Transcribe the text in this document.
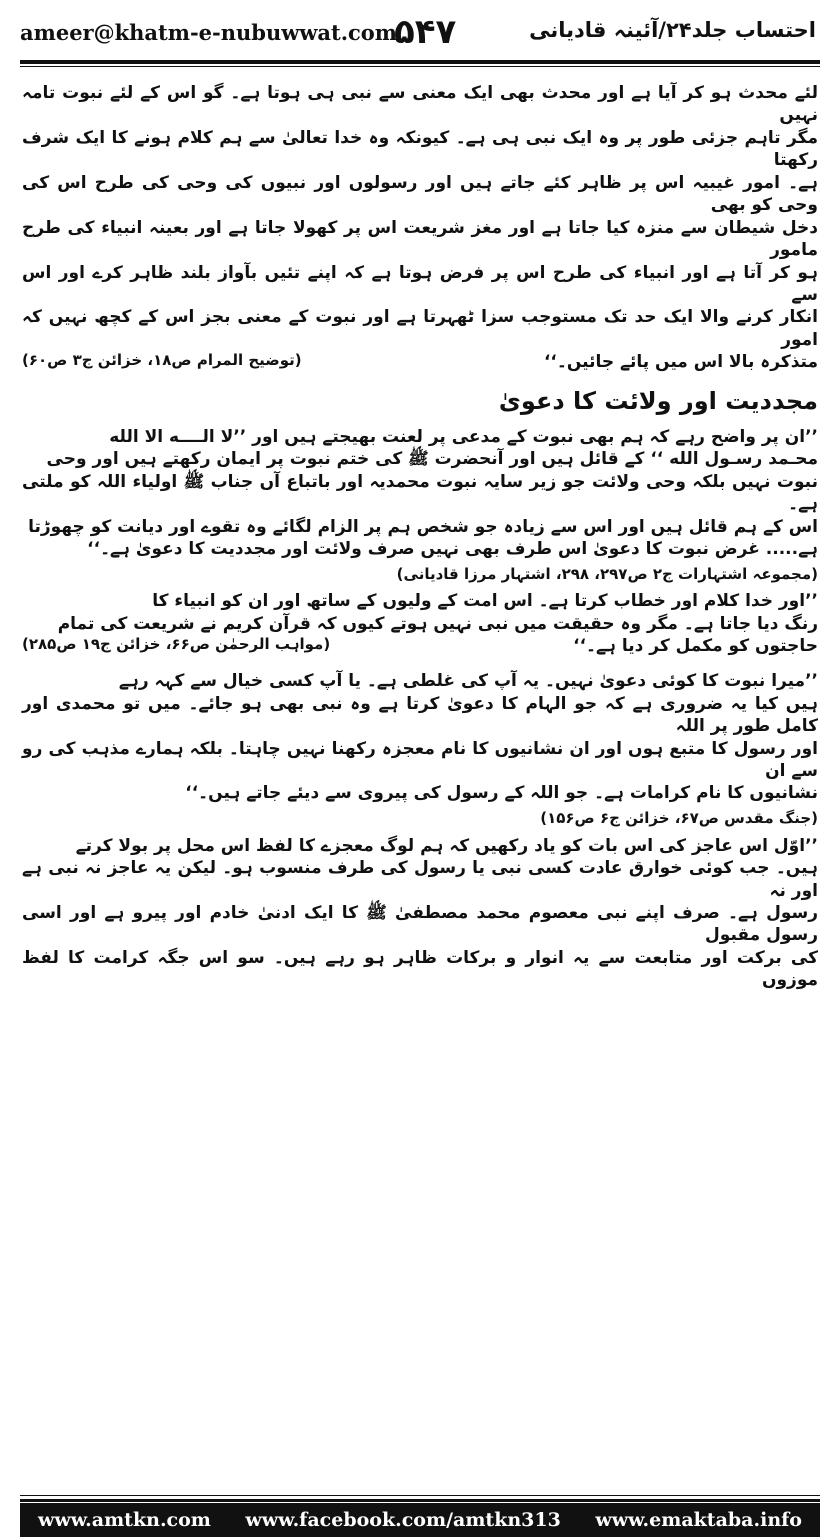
ameer@khatm-e-nubuwwat.com
۵۴۷	احتساب جلد۲۴/آئینہ قادیانی

لئے محدث ہو کر آیا ہے اور محدث بھی ایک معنی سے نبی ہی ہوتا ہے۔ گو اس کے لئے نبوت تامہ نہیں

مگر تاہم جزئی طور پر وہ ایک نبی ہی ہے۔ کیونکہ وہ خدا تعالیٰ سے ہم کلام ہونے کا ایک شرف رکھتا

ہے۔ امور غیبیہ اس پر ظاہر کئے جاتے ہیں اور رسولوں اور نبیوں کی وحی کی طرح اس کی وحی کو بھی

دخل شیطان سے منزہ کیا جاتا ہے اور مغز شریعت اس پر کھولا جاتا ہے اور بعینہ انبیاء کی طرح مامور

ہو کر آتا ہے اور انبیاء کی طرح اس پر فرض ہوتا ہے کہ اپنے تئیں بآواز بلند ظاہر کرے اور اس سے

انکار کرنے والا ایک حد تک مستوجب سزا ٹھہرتا ہے اور نبوت کے معنی بجز اس کے کچھ نہیں کہ امور

متذکرہ بالا اس میں پائے جائیں۔‘‘

(توضیح المرام ص۱۸، خزائن ج۳ ص۶۰)
مجددیت اور ولائت کا دعویٰ

’’ان پر واضح رہے کہ ہم بھی نبوت کے مدعی پر لعنت بھیجتے ہیں اور ’’لا الــــه الا الله

محـمد رسـول الله ‘‘ کے قائل ہیں اور آنحضرت ﷺ کی ختم نبوت پر ایمان رکھتے ہیں اور وحی

نبوت نہیں بلکہ وحی ولائت جو زیر سایہ نبوت محمدیہ اور باتباع آں جناب ﷺ اولیاء اللہ کو ملتی ہے۔

اس کے ہم قائل ہیں اور اس سے زیادہ جو شخص ہم پر الزام لگائے وہ تقوے اور دیانت کو چھوڑتا

ہے..... غرض نبوت کا دعویٰ اس طرف بھی نہیں صرف ولائت اور مجددیت کا دعویٰ ہے۔‘‘

(مجموعہ اشتہارات ج۲ ص۲۹۷، ۲۹۸، اشتہار مرزا قادیانی)

’’اور خدا کلام اور خطاب کرتا ہے۔ اس امت کے ولیوں کے ساتھ اور ان کو انبیاء کا

رنگ دیا جاتا ہے۔ مگر وہ حقیقت میں نبی نہیں ہوتے کیوں کہ قرآن کریم نے شریعت کی تمام

حاجتوں کو مکمل کر دیا ہے۔‘‘

(مواہب الرحمٰن ص۶۶، خزائن ج۱۹ ص۲۸۵)

’’میرا نبوت کا کوئی دعویٰ نہیں۔ یہ آپ کی غلطی ہے۔ یا آپ کسی خیال سے کہہ رہے

ہیں کیا یہ ضروری ہے کہ جو الہام کا دعویٰ کرتا ہے وہ نبی بھی ہو جائے۔ میں تو محمدی اور کامل طور پر اللہ

اور رسول کا متبع ہوں اور ان نشانیوں کا نام معجزہ رکھنا نہیں چاہتا۔ بلکہ ہمارے مذہب کی رو سے ان

نشانیوں کا نام کرامات ہے۔ جو اللہ کے رسول کی پیروی سے دیئے جاتے ہیں۔‘‘

(جنگ مقدس ص۶۷، خزائن ج۶ ص۱۵۶)

’’اوّل اس عاجز کی اس بات کو یاد رکھیں کہ ہم لوگ معجزے کا لفظ اس محل پر بولا کرتے

ہیں۔ جب کوئی خوارق عادت کسی نبی یا رسول کی طرف منسوب ہو۔ لیکن یہ عاجز نہ نبی ہے اور نہ

رسول ہے۔ صرف اپنے نبی معصوم محمد مصطفیٰ ﷺ کا ایک ادنیٰ خادم اور پیرو ہے اور اسی رسول مقبول

کی برکت اور متابعت سے یہ انوار و برکات ظاہر ہو رہے ہیں۔ سو اس جگہ کرامت کا لفظ موزوں

www.amtkn.com www.facebook.com/amtkn313 www.emaktaba.info
